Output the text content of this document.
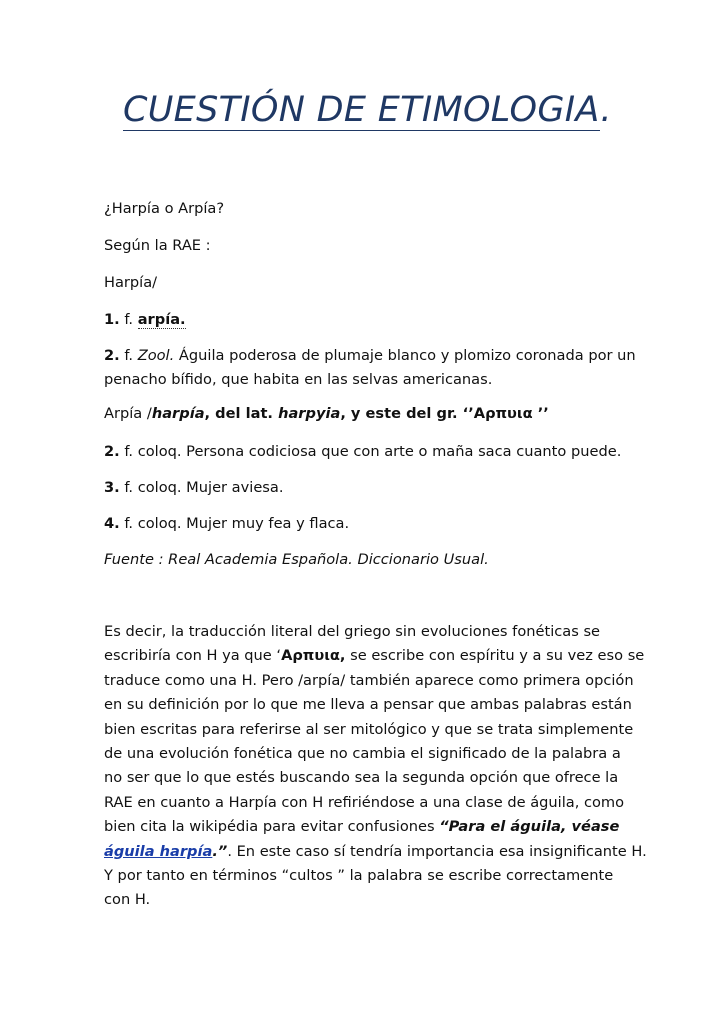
CUESTIÓN DE ETIMOLOGIA.
¿Harpía o Arpía?
Según la RAE :
Harpía/
1. f. arpía.
2. f. Zool. Águila poderosa de plumaje blanco y plomizo coronada por un
penacho bífido, que habita en las selvas americanas.
Arpía /harpía, del lat. harpyia, y este del gr. ‘’Αρπυια ’’
2. f. coloq. Persona codiciosa que con arte o maña saca cuanto puede.
3. f. coloq. Mujer aviesa.
4. f. coloq. Mujer muy fea y flaca.
Fuente : Real Academia Española. Diccionario Usual.
Es decir, la traducción literal del griego sin evoluciones fonéticas se
escribiría con H ya que ‘Αρπυια, se escribe con espíritu y a su vez eso se
traduce como una H. Pero /arpía/ también aparece como primera opción
en su definición por lo que me lleva a pensar que ambas palabras están
bien escritas para referirse al ser mitológico y que se trata simplemente
de una evolución fonética que no cambia el significado de la palabra a
no ser que lo que estés buscando sea la segunda opción que ofrece la
RAE en cuanto a Harpía con H refiriéndose a una clase de águila, como
bien cita la wikipédia para evitar confusiones “Para el águila, véase
águila harpía.”. En este caso sí tendría importancia esa insignificante H.
Y por tanto en términos “cultos ” la palabra se escribe correctamente
con H.
